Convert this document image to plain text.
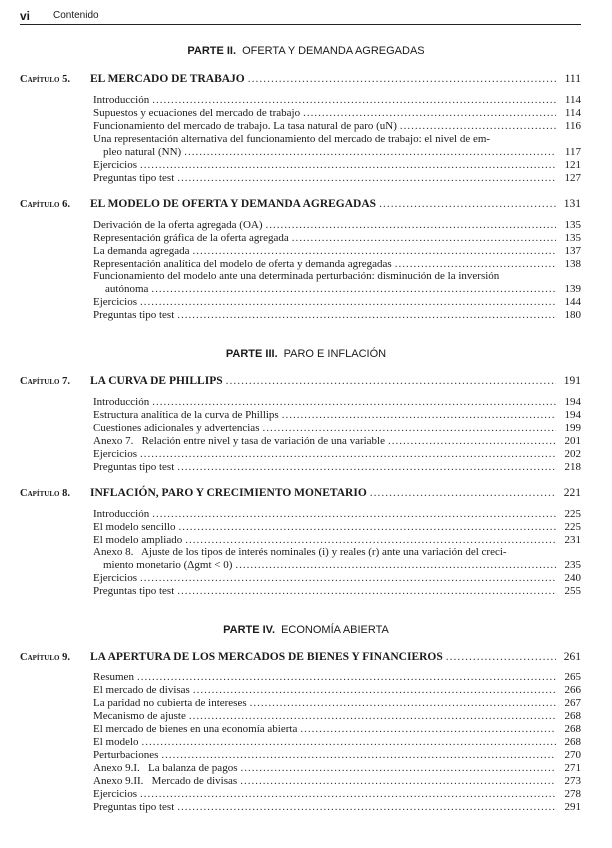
vi Contenido
PARTE II. OFERTA Y DEMANDA AGREGADAS
Capítulo 5.	EL MERCADO DE TRABAJO .....	111
Introducción .....	114
Supuestos y ecuaciones del mercado de trabajo .....	114
Funcionamiento del mercado de trabajo. La tasa natural de paro (uN) .....	116
Una representación alternativa del funcionamiento del mercado de trabajo: el nivel de em-
pleo natural (NN) .....	117
Ejercicios .....	121
Preguntas tipo test .....	127
Capítulo 6.	EL MODELO DE OFERTA Y DEMANDA AGREGADAS .....	131
Derivación de la oferta agregada (OA) .....	135
Representación gráfica de la oferta agregada .....	135
La demanda agregada .....	137
Representación analítica del modelo de oferta y demanda agregadas .....	138
Funcionamiento del modelo ante una determinada perturbación: disminución de la inversión
autónoma .....	139
Ejercicios .....	144
Preguntas tipo test .....	180
PARTE III. PARO E INFLACIÓN
Capítulo 7.	LA CURVA DE PHILLIPS .....	191
Introducción .....	194
Estructura analítica de la curva de Phillips .....	194
Cuestiones adicionales y advertencias .....	199
Anexo 7.   Relación entre nivel y tasa de variación de una variable .....	201
Ejercicios .....	202
Preguntas tipo test .....	218
Capítulo 8.	INFLACIÓN, PARO Y CRECIMIENTO MONETARIO .....	221
Introducción .....	225
El modelo sencillo .....	225
El modelo ampliado .....	231
Anexo 8.   Ajuste de los tipos de interés nominales (i) y reales (r) ante una variación del creci-
miento monetario (Δgmt < 0) .....	235
Ejercicios .....	240
Preguntas tipo test .....	255
PARTE IV. ECONOMÍA ABIERTA
Capítulo 9.	LA APERTURA DE LOS MERCADOS DE BIENES Y FINANCIEROS .....	261
Resumen .....	265
El mercado de divisas .....	266
La paridad no cubierta de intereses .....	267
Mecanismo de ajuste .....	268
El mercado de bienes en una economía abierta .....	268
El modelo .....	268
Perturbaciones .....	270
Anexo 9.I.   La balanza de pagos .....	271
Anexo 9.II.   Mercado de divisas .....	273
Ejercicios .....	278
Preguntas tipo test .....	291
